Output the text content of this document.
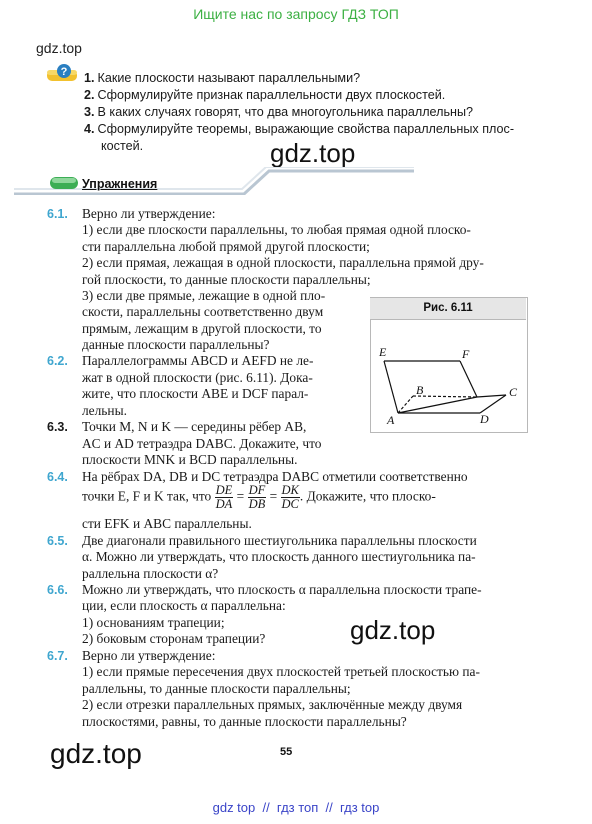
Ищите нас по запросу ГДЗ ТОП
gdz.top
? 1. Какие плоскости называют параллельными?
2. Сформулируйте признак параллельности двух плоскостей.
3. В каких случаях говорят, что два многоугольника параллельны?
4. Сформулируйте теоремы, выражающие свойства параллельных плос-
костей.	gdz.top
Упражнения
6.1. Верно ли утверждение:
1) если две плоскости параллельны, то любая прямая одной плоско-
сти параллельна любой прямой другой плоскости;
2) если прямая, лежащая в одной плоскости, параллельна прямой дру-
гой плоскости, то данные плоскости параллельны;
3) если две прямые, лежащие в одной пло-
скости, параллельны соответственно двум
прямым, лежащим в другой плоскости, то
данные плоскости параллельны?
6.2. Параллелограммы ABCD и AEFD не ле-
жат в одной плоскости (рис. 6.11). Дока-
жите, что плоскости ABE и DCF парал-
лельны.
6.3. Точки M, N и K — середины рёбер AB,
AC и AD тетраэдра DABC. Докажите, что
плоскости MNK и BCD параллельны.
Рис. 6.11
E	F
B	C
A	D
6.4. На рёбрах DA, DB и DC тетраэдра DABC отметили соответственно
точки E, F и K так, что $\frac{DE}{DA} = \frac{DF}{DB} = \frac{DK}{DC}$ . Докажите, что плоско-
сти EFK и ABC параллельны.
6.5. Две диагонали правильного шестиугольника параллельны плоскости
α. Можно ли утверждать, что плоскость данного шестиугольника па-
раллельна плоскости α?
6.6. Можно ли утверждать, что плоскость α параллельна плоскости трапе-
ции, если плоскость α параллельна:
1) основаниям трапеции;
2) боковым сторонам трапеции?	gdz.top
6.7. Верно ли утверждение:
1) если прямые пересечения двух плоскостей третьей плоскостью па-
раллельны, то данные плоскости параллельны;
2) если отрезки параллельных прямых, заключённые между двумя
плоскостями, равны, то данные плоскости параллельны?
gdz.top	55
gdz top  //  гдз топ  //  гдз top
